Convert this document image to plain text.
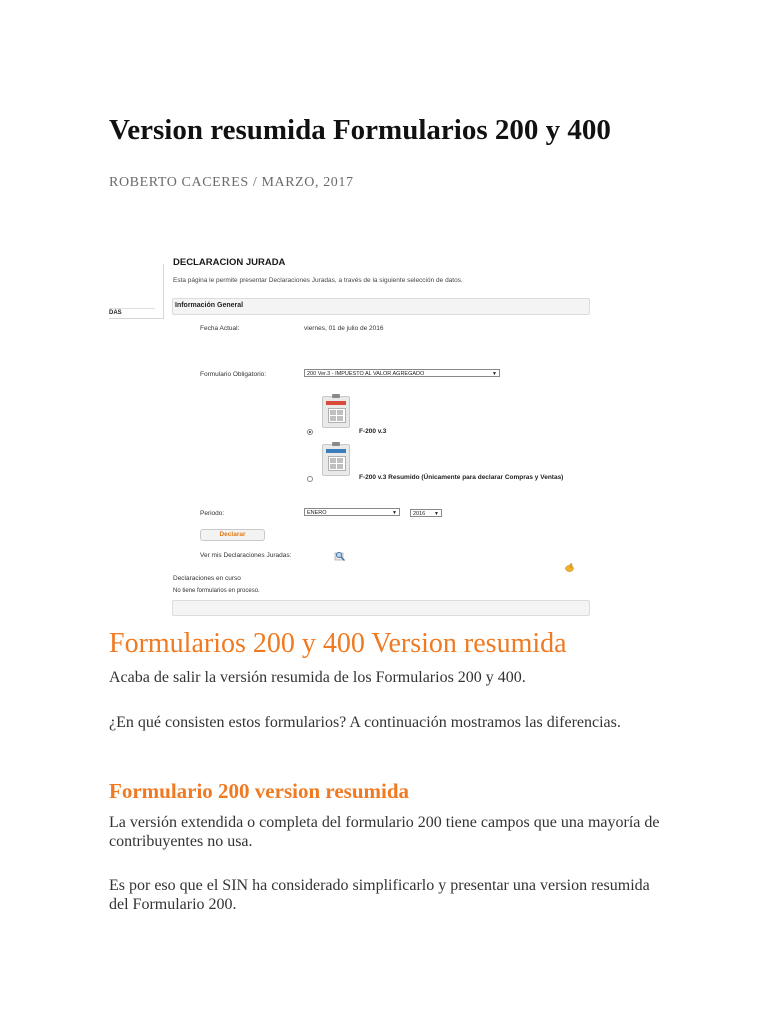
Version resumida Formularios 200 y 400
ROBERTO CACERES / MARZO, 2017
DAS
DECLARACION JURADA
Esta página le permite presentar Declaraciones Juradas, a través de la siguiente selección de datos.
Información General
Fecha Actual:	viernes, 01 de julio de 2016
Formulario Obligatorio:	200 Ver.3 - IMPUESTO AL VALOR AGREGADO	▼
F-200 v.3
F-200 v.3 Resumido (Únicamente para declarar Compras y Ventas)
Periodo:	ENERO	▼	2016 ▼
Declarar
Ver mis Declaraciones Juradas:
Declaraciones en curso
No tiene formularios en proceso.
Formularios 200 y 400 Version resumida

Acaba de salir la versión resumida de los Formularios 200 y 400.

¿En qué consisten estos formularios? A continuación mostramos las diferencias.

Formulario 200 version resumida

La versión extendida o completa del formulario 200 tiene campos que una mayoría de contribuyentes no usa.

Es por eso que el SIN ha considerado simplificarlo y presentar una version resumida del Formulario 200.
